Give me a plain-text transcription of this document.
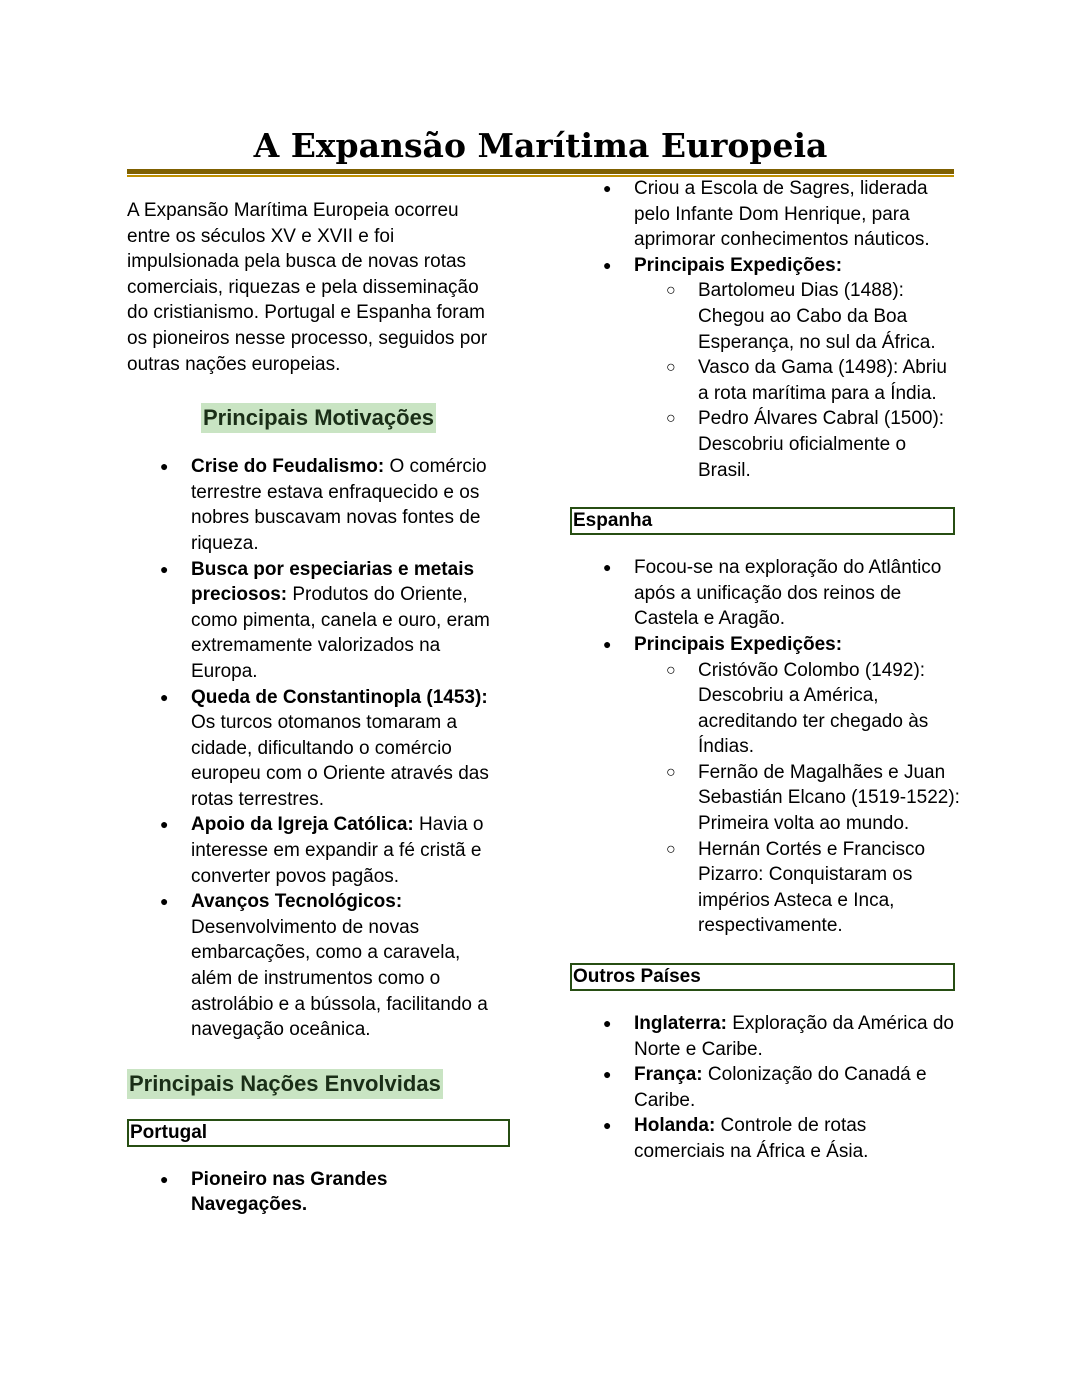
A Expansão Marítima Europeia

A Expansão Marítima Europeia ocorreu entre os séculos XV e XVII e foi impulsionada pela busca de novas rotas comerciais, riquezas e pela disseminação do cristianismo. Portugal e Espanha foram os pioneiros nesse processo, seguidos por outras nações europeias.

Principais Motivações
● Crise do Feudalismo: O comércio terrestre estava enfraquecido e os nobres buscavam novas fontes de riqueza.
● Busca por especiarias e metais preciosos: Produtos do Oriente, como pimenta, canela e ouro, eram extremamente valorizados na Europa.
● Queda de Constantinopla (1453): Os turcos otomanos tomaram a cidade, dificultando o comércio europeu com o Oriente através das rotas terrestres.
● Apoio da Igreja Católica: Havia o interesse em expandir a fé cristã e converter povos pagãos.
● Avanços Tecnológicos: Desenvolvimento de novas embarcações, como a caravela, além de instrumentos como o astrolábio e a bússola, facilitando a navegação oceânica.
Principais Nações Envolvidas
Portugal
● Pioneiro nas Grandes Navegações.
● Criou a Escola de Sagres, liderada pelo Infante Dom Henrique, para aprimorar conhecimentos náuticos.
● Principais Expedições:
○ Bartolomeu Dias (1488): Chegou ao Cabo da Boa Esperança, no sul da África.
○ Vasco da Gama (1498): Abriu a rota marítima para a Índia.
○ Pedro Álvares Cabral (1500): Descobriu oficialmente o Brasil.
Espanha
● Focou-se na exploração do Atlântico após a unificação dos reinos de Castela e Aragão.
● Principais Expedições:
○ Cristóvão Colombo (1492): Descobriu a América, acreditando ter chegado às Índias.
○ Fernão de Magalhães e Juan Sebastián Elcano (1519-1522): Primeira volta ao mundo.
○ Hernán Cortés e Francisco Pizarro: Conquistaram os impérios Asteca e Inca, respectivamente.
Outros Países
● Inglaterra: Exploração da América do Norte e Caribe.
● França: Colonização do Canadá e Caribe.
● Holanda: Controle de rotas comerciais na África e Ásia.
